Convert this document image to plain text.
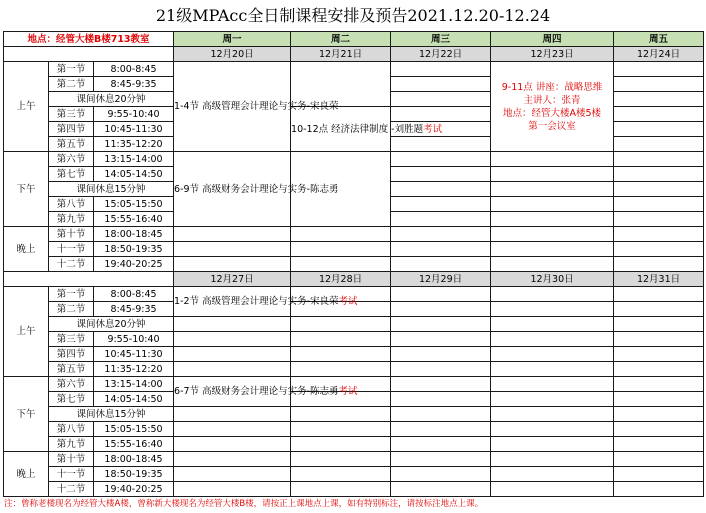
21级MPAcc全日制课程安排及预告2021.12.20-12.24
地点：经管大楼B楼713教室			周一	周二	周三	周四	周五
			12月20日	12月21日	12月22日	12月23日	12月24日
上午	第一节	8:00-8:45	1-4节 高级管理会计理论与实务-宋良荣			9-11点 讲座：战略思维
主讲人：张青
地点：经管大楼A楼5楼
第一会议室	
	第二节	8:45-9:35					
	课间休息20分钟						
	第三节	9:55-10:40		10-12点 经济法律制度 -刘胜题考试			
	第四节	10:45-11:30					
	第五节	11:35-12:20					
下午	第六节	13:15-14:00	6-9节 高级财务会计理论与实务-陈志勇				
	第七节	14:05-14:50					
	课间休息15分钟						
	第八节	15:05-15:50					
	第九节	15:55-16:40					
晚上	第十节	18:00-18:45					
	十一节	18:50-19:35					
	十二节	19:40-20:25					
			12月27日	12月28日	12月29日	12月30日	12月31日
上午	第一节	8:00-8:45	1-2节 高级管理会计理论与实务-宋良荣考试				
	第二节	8:45-9:35					
	课间休息20分钟						
	第三节	9:55-10:40					
	第四节	10:45-11:30					
	第五节	11:35-12:20					
下午	第六节	13:15-14:00	6-7节 高级财务会计理论与实务-陈志勇考试				
	第七节	14:05-14:50					
	课间休息15分钟						
	第八节	15:05-15:50					
	第九节	15:55-16:40					
晚上	第十节	18:00-18:45					
	十一节	18:50-19:35					
	十二节	19:40-20:25					
注：曾称老楼现名为经管大楼A楼，曾称新大楼现名为经管大楼B楼，请按正上课地点上课，如有特别标注，请按标注地点上课。
